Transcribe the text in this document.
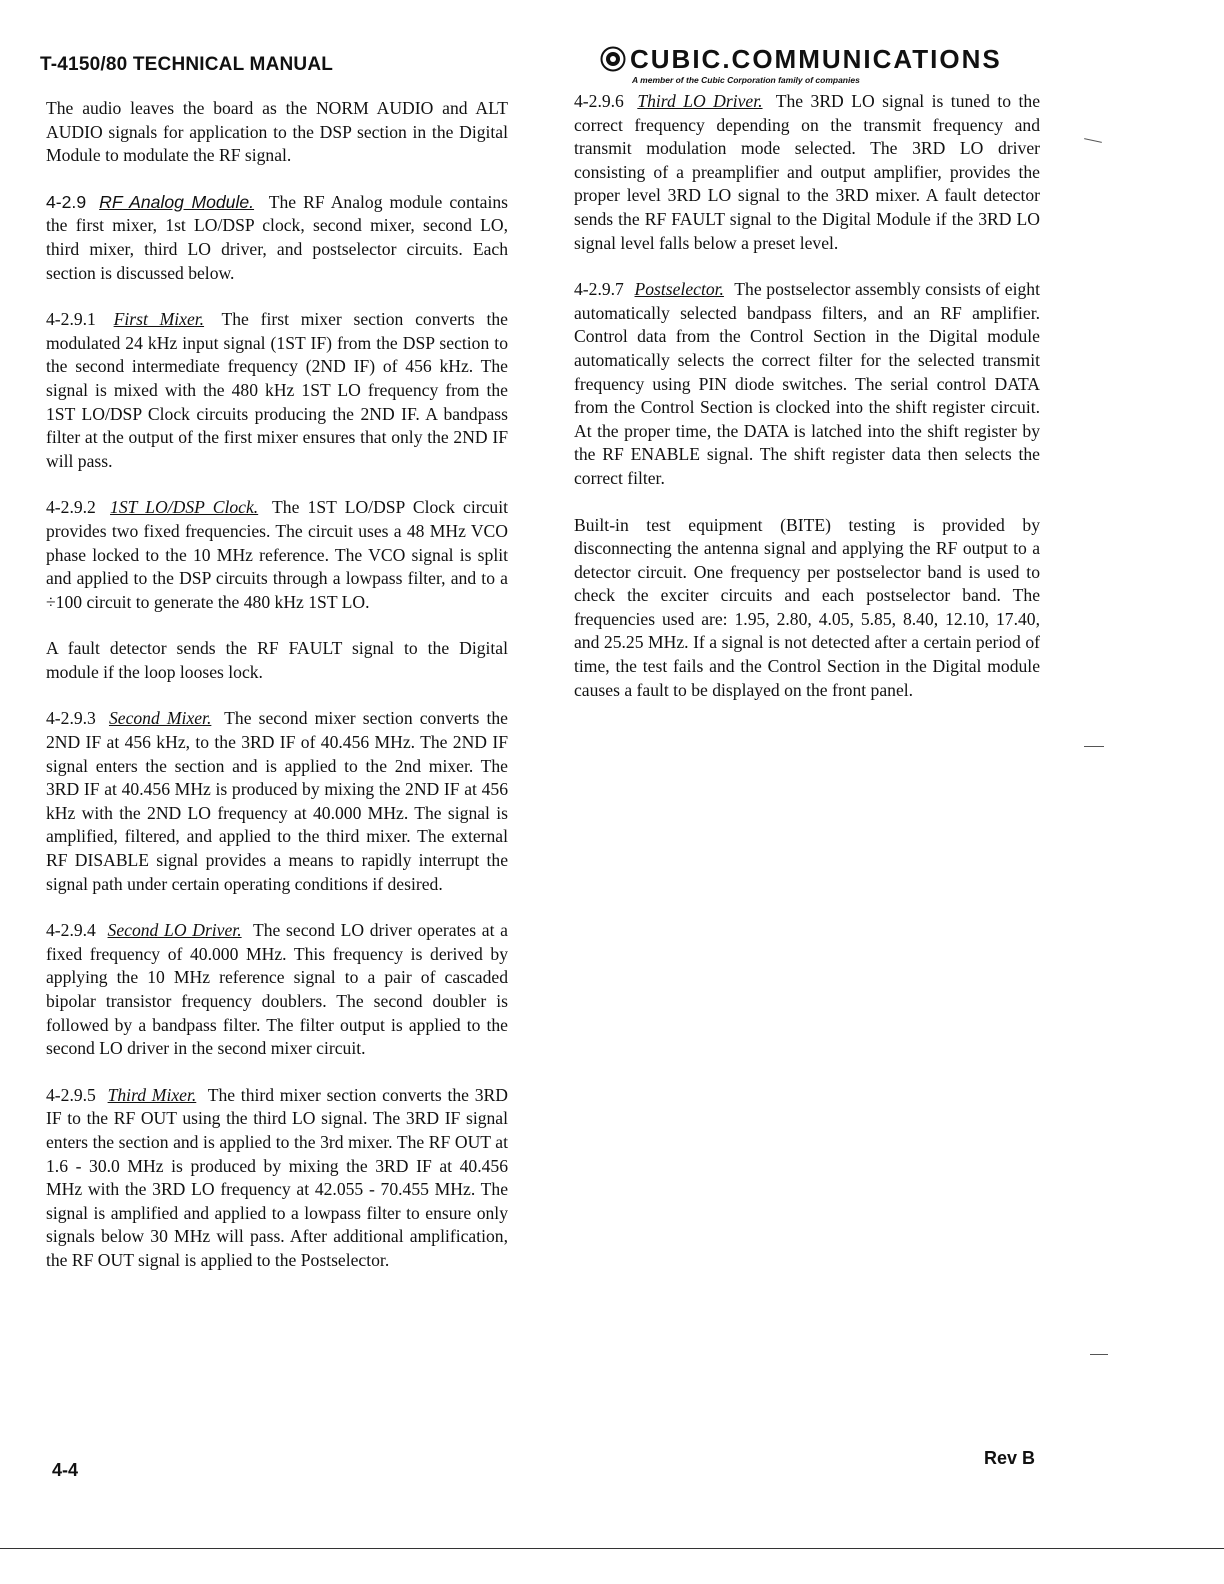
T-4150/80 TECHNICAL MANUAL	CUBIC.COMMUNICATIONS
A member of the Cubic Corporation family of companies

The audio leaves the board as the NORM AUDIO and ALT AUDIO signals for application to the DSP section in the Digital Module to modulate the RF signal.

4-2.9 RF Analog Module. The RF Analog module contains the first mixer, 1st LO/DSP clock, second mixer, second LO, third mixer, third LO driver, and postselector circuits. Each section is discussed below.

4-2.9.1 First Mixer. The first mixer section converts the modulated 24 kHz input signal (1ST IF) from the DSP section to the second intermediate frequency (2ND IF) of 456 kHz. The signal is mixed with the 480 kHz 1ST LO frequency from the 1ST LO/DSP Clock circuits producing the 2ND IF. A bandpass filter at the output of the first mixer ensures that only the 2ND IF will pass.

4-2.9.2 1ST LO/DSP Clock. The 1ST LO/DSP Clock circuit provides two fixed frequencies. The circuit uses a 48 MHz VCO phase locked to the 10 MHz reference. The VCO signal is split and applied to the DSP circuits through a lowpass filter, and to a ÷100 circuit to generate the 480 kHz 1ST LO.

A fault detector sends the RF FAULT signal to the Digital module if the loop looses lock.

4-2.9.3 Second Mixer. The second mixer section converts the 2ND IF at 456 kHz, to the 3RD IF of 40.456 MHz. The 2ND IF signal enters the section and is applied to the 2nd mixer. The 3RD IF at 40.456 MHz is produced by mixing the 2ND IF at 456 kHz with the 2ND LO frequency at 40.000 MHz. The signal is amplified, filtered, and applied to the third mixer. The external RF DISABLE signal provides a means to rapidly interrupt the signal path under certain operating conditions if desired.

4-2.9.4 Second LO Driver. The second LO driver operates at a fixed frequency of 40.000 MHz. This frequency is derived by applying the 10 MHz reference signal to a pair of cascaded bipolar transistor frequency doublers. The second doubler is followed by a bandpass filter. The filter output is applied to the second LO driver in the second mixer circuit.

4-2.9.5 Third Mixer. The third mixer section converts the 3RD IF to the RF OUT using the third LO signal. The 3RD IF signal enters the section and is applied to the 3rd mixer. The RF OUT at 1.6 - 30.0 MHz is produced by mixing the 3RD IF at 40.456 MHz with the 3RD LO frequency at 42.055 - 70.455 MHz. The signal is amplified and applied to a lowpass filter to ensure only signals below 30 MHz will pass. After additional amplification, the RF OUT signal is applied to the Postselector.

4-2.9.6 Third LO Driver. The 3RD LO signal is tuned to the correct frequency depending on the transmit frequency and transmit modulation mode selected. The 3RD LO driver consisting of a preamplifier and output amplifier, provides the proper level 3RD LO signal to the 3RD mixer. A fault detector sends the RF FAULT signal to the Digital Module if the 3RD LO signal level falls below a preset level.

4-2.9.7 Postselector. The postselector assembly consists of eight automatically selected bandpass filters, and an RF amplifier. Control data from the Control Section in the Digital module automatically selects the correct filter for the selected transmit frequency using PIN diode switches. The serial control DATA from the Control Section is clocked into the shift register circuit. At the proper time, the DATA is latched into the shift register by the RF ENABLE signal. The shift register data then selects the correct filter.

Built-in test equipment (BITE) testing is provided by disconnecting the antenna signal and applying the RF output to a detector circuit. One frequency per postselector band is used to check the exciter circuits and each postselector band. The frequencies used are: 1.95, 2.80, 4.05, 5.85, 8.40, 12.10, 17.40, and 25.25 MHz. If a signal is not detected after a certain period of time, the test fails and the Control Section in the Digital module causes a fault to be displayed on the front panel.

4-4
Rev B
